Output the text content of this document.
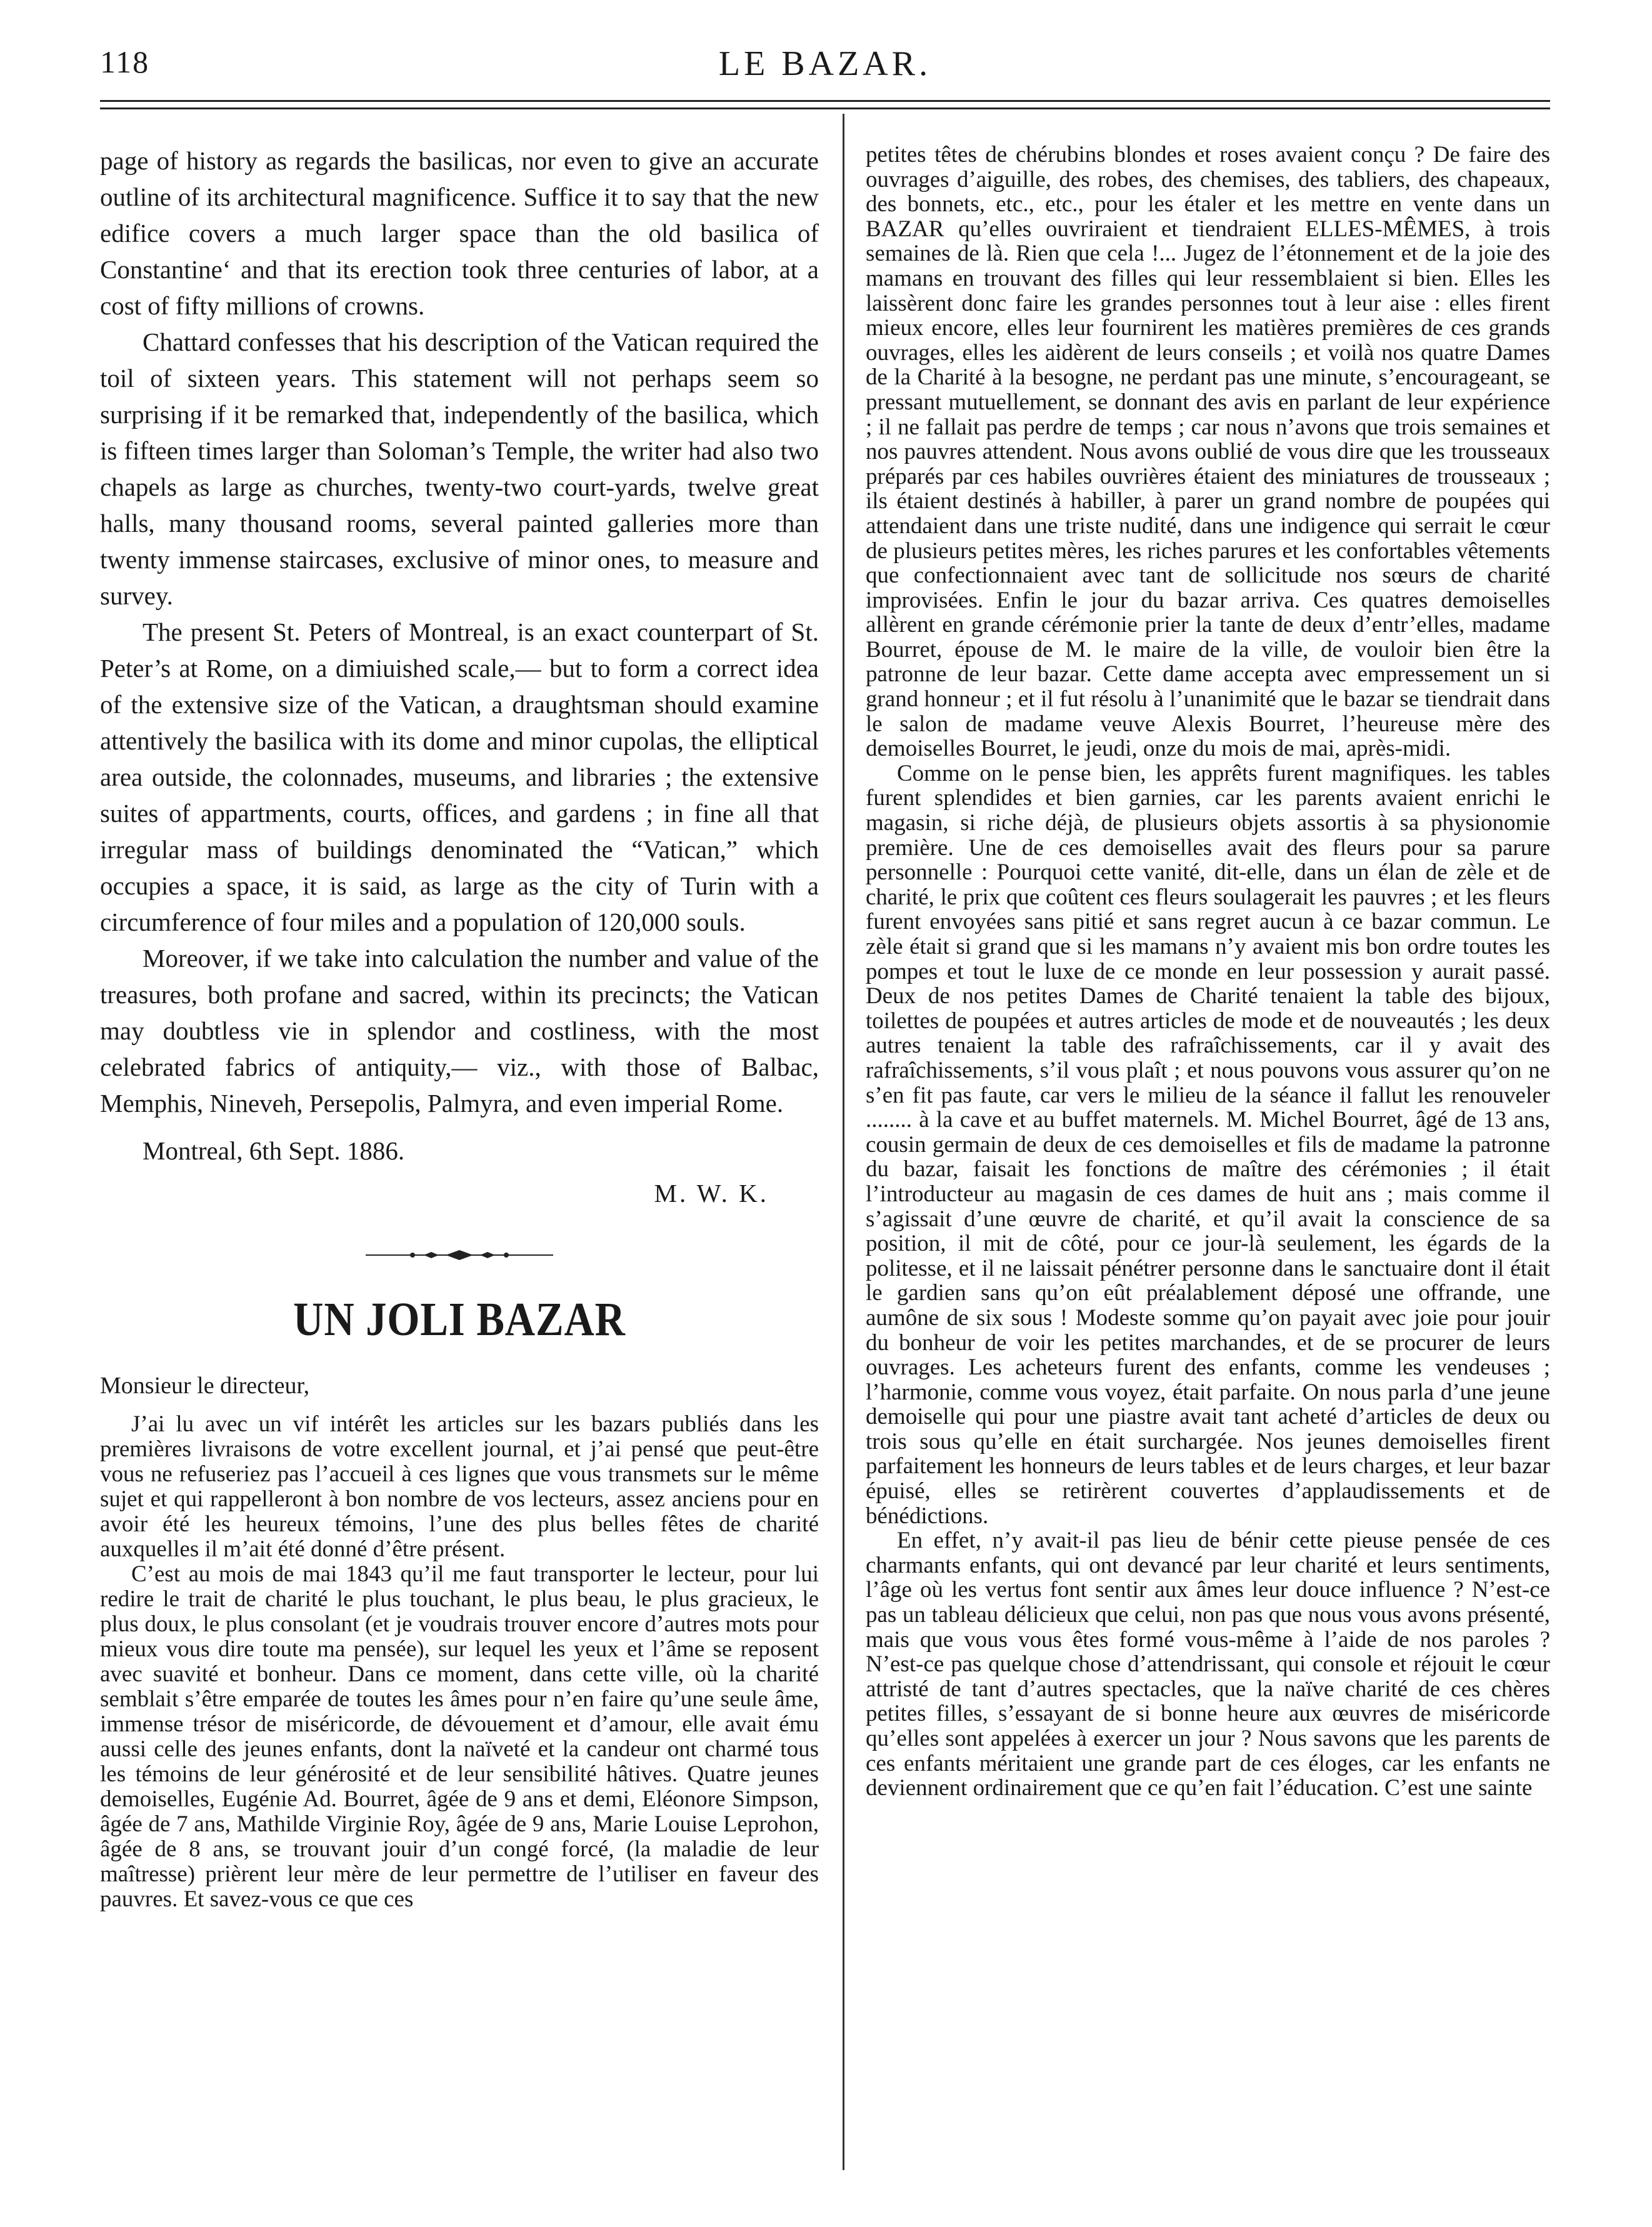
118	LE BAZAR.

page of history as regards the basilicas, nor even to give an accurate outline of its architectural magnificence. Suffice it to say that the new edifice covers a much larger space than the old basilica of Constantine‘ and that its erection took three centuries of labor, at a cost of fifty millions of crowns.

Chattard confesses that his description of the Vatican required the toil of sixteen years. This statement will not perhaps seem so surprising if it be remarked that, independently of the basilica, which is fifteen times larger than Soloman’s Temple, the writer had also two chapels as large as churches, twenty-two court-yards, twelve great halls, many thousand rooms, several painted galleries more than twenty immense staircases, exclusive of minor ones, to measure and survey.

The present St. Peters of Montreal, is an exact counterpart of St. Peter’s at Rome, on a dimiuished scale,— but to form a correct idea of the extensive size of the Vatican, a draughtsman should examine attentively the basilica with its dome and minor cupolas, the elliptical area outside, the colonnades, museums, and libraries ; the extensive suites of appartments, courts, offices, and gardens ; in fine all that irregular mass of buildings denominated the “Vatican,” which occupies a space, it is said, as large as the city of Turin with a circumference of four miles and a population of 120,000 souls.

Moreover, if we take into calculation the number and value of the treasures, both profane and sacred, within its precincts; the Vatican may doubtless vie in splendor and costliness, with the most celebrated fabrics of antiquity,— viz., with those of Balbac, Memphis, Nineveh, Persepolis, Palmyra, and even imperial Rome.

Montreal, 6th Sept. 1886.
M. W. K.
UN JOLI BAZAR
Monsieur le directeur,

J’ai lu avec un vif intérêt les articles sur les bazars publiés dans les premières livraisons de votre excellent journal, et j’ai pensé que peut-être vous ne refuseriez pas l’accueil à ces lignes que vous transmets sur le même sujet et qui rappelleront à bon nombre de vos lecteurs, assez anciens pour en avoir été les heureux témoins, l’une des plus belles fêtes de charité auxquelles il m’ait été donné d’être présent.

C’est au mois de mai 1843 qu’il me faut transporter le lecteur, pour lui redire le trait de charité le plus touchant, le plus beau, le plus gracieux, le plus doux, le plus consolant (et je voudrais trouver encore d’autres mots pour mieux vous dire toute ma pensée), sur lequel les yeux et l’âme se reposent avec suavité et bonheur. Dans ce moment, dans cette ville, où la charité semblait s’être emparée de toutes les âmes pour n’en faire qu’une seule âme, immense trésor de miséricorde, de dévouement et d’amour, elle avait ému aussi celle des jeunes enfants, dont la naïveté et la candeur ont charmé tous les témoins de leur générosité et de leur sensibilité hâtives. Quatre jeunes demoiselles, Eugénie Ad. Bourret, âgée de 9 ans et demi, Eléonore Simpson, âgée de 7 ans, Mathilde Virginie Roy, âgée de 9 ans, Marie Louise Leprohon, âgée de 8 ans, se trouvant jouir d’un congé forcé, (la maladie de leur maîtresse) prièrent leur mère de leur permettre de l’utiliser en faveur des pauvres. Et savez-vous ce que ces

petites têtes de chérubins blondes et roses avaient conçu ? De faire des ouvrages d’aiguille, des robes, des chemises, des tabliers, des chapeaux, des bonnets, etc., etc., pour les étaler et les mettre en vente dans un BAZAR qu’elles ouvriraient et tiendraient ELLES-MÊMES, à trois semaines de là. Rien que cela !... Jugez de l’étonnement et de la joie des mamans en trouvant des filles qui leur ressemblaient si bien. Elles les laissèrent donc faire les grandes personnes tout à leur aise : elles firent mieux encore, elles leur fournirent les matières premières de ces grands ouvrages, elles les aidèrent de leurs conseils ; et voilà nos quatre Dames de la Charité à la besogne, ne perdant pas une minute, s’encourageant, se pressant mutuellement, se donnant des avis en parlant de leur expérience ; il ne fallait pas perdre de temps ; car nous n’avons que trois semaines et nos pauvres attendent. Nous avons oublié de vous dire que les trousseaux préparés par ces habiles ouvrières étaient des miniatures de trousseaux ; ils étaient destinés à habiller, à parer un grand nombre de poupées qui attendaient dans une triste nudité, dans une indigence qui serrait le cœur de plusieurs petites mères, les riches parures et les confortables vêtements que confectionnaient avec tant de sollicitude nos sœurs de charité improvisées. Enfin le jour du bazar arriva. Ces quatres demoiselles allèrent en grande cérémonie prier la tante de deux d’entr’elles, madame Bourret, épouse de M. le maire de la ville, de vouloir bien être la patronne de leur bazar. Cette dame accepta avec empressement un si grand honneur ; et il fut résolu à l’unanimité que le bazar se tiendrait dans le salon de madame veuve Alexis Bourret, l’heureuse mère des demoiselles Bourret, le jeudi, onze du mois de mai, après-midi.

Comme on le pense bien, les apprêts furent magnifiques. les tables furent splendides et bien garnies, car les parents avaient enrichi le magasin, si riche déjà, de plusieurs objets assortis à sa physionomie première. Une de ces demoiselles avait des fleurs pour sa parure personnelle : Pourquoi cette vanité, dit-elle, dans un élan de zèle et de charité, le prix que coûtent ces fleurs soulagerait les pauvres ; et les fleurs furent envoyées sans pitié et sans regret aucun à ce bazar commun. Le zèle était si grand que si les mamans n’y avaient mis bon ordre toutes les pompes et tout le luxe de ce monde en leur possession y aurait passé. Deux de nos petites Dames de Charité tenaient la table des bijoux, toilettes de poupées et autres articles de mode et de nouveautés ; les deux autres tenaient la table des rafraîchissements, car il y avait des rafraîchissements, s’il vous plaît ; et nous pouvons vous assurer qu’on ne s’en fit pas faute, car vers le milieu de la séance il fallut les renouveler ........ à la cave et au buffet maternels. M. Michel Bourret, âgé de 13 ans, cousin germain de deux de ces demoiselles et fils de madame la patronne du bazar, faisait les fonctions de maître des cérémonies ; il était l’introducteur au magasin de ces dames de huit ans ; mais comme il s’agissait d’une œuvre de charité, et qu’il avait la conscience de sa position, il mit de côté, pour ce jour-là seulement, les égards de la politesse, et il ne laissait pénétrer personne dans le sanctuaire dont il était le gardien sans qu’on eût préalablement déposé une offrande, une aumône de six sous ! Modeste somme qu’on payait avec joie pour jouir du bonheur de voir les petites marchandes, et de se procurer de leurs ouvrages. Les acheteurs furent des enfants, comme les vendeuses ; l’harmonie, comme vous voyez, était parfaite. On nous parla d’une jeune demoiselle qui pour une piastre avait tant acheté d’articles de deux ou trois sous qu’elle en était surchargée. Nos jeunes demoiselles firent parfaitement les honneurs de leurs tables et de leurs charges, et leur bazar épuisé, elles se retirèrent couvertes d’applaudissements et de bénédictions.

En effet, n’y avait-il pas lieu de bénir cette pieuse pensée de ces charmants enfants, qui ont devancé par leur charité et leurs sentiments, l’âge où les vertus font sentir aux âmes leur douce influence ? N’est-ce pas un tableau délicieux que celui, non pas que nous vous avons présenté, mais que vous vous êtes formé vous-même à l’aide de nos paroles ? N’est-ce pas quelque chose d’attendrissant, qui console et réjouit le cœur attristé de tant d’autres spectacles, que la naïve charité de ces chères petites filles, s’essayant de si bonne heure aux œuvres de miséricorde qu’elles sont appelées à exercer un jour ? Nous savons que les parents de ces enfants méritaient une grande part de ces éloges, car les enfants ne deviennent ordinairement que ce qu’en fait l’éducation. C’est une sainte
